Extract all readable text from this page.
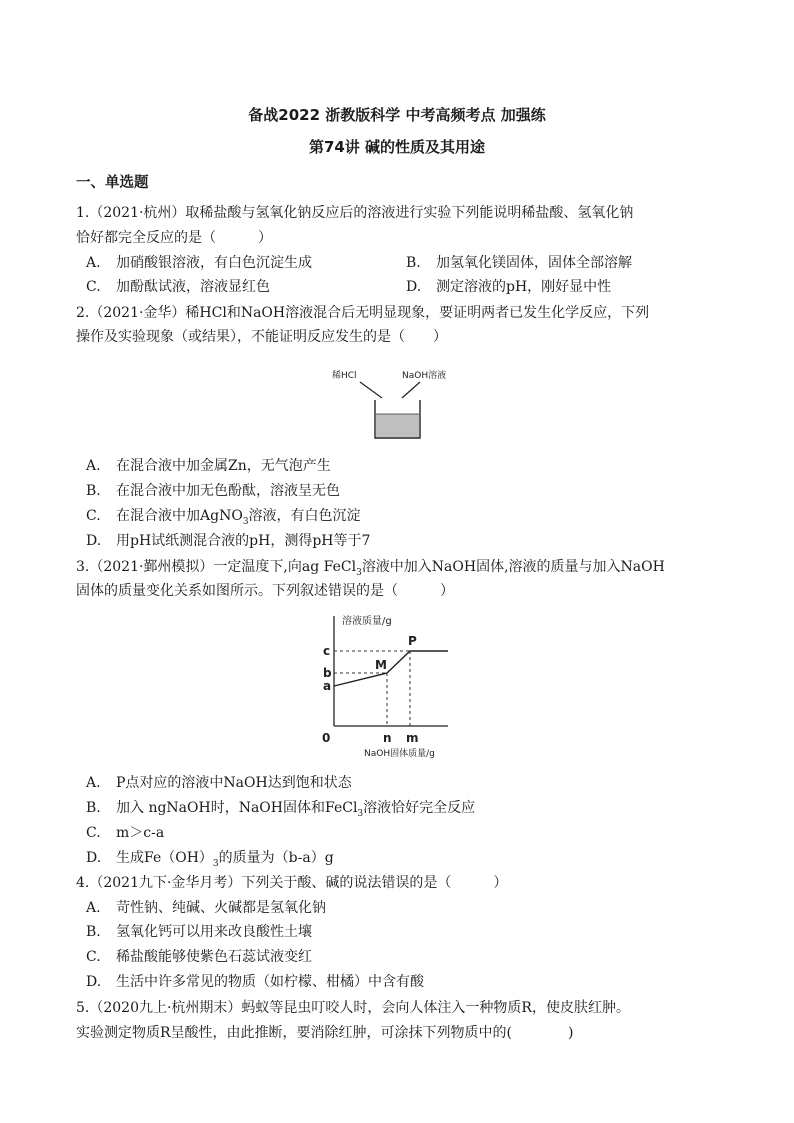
备战2022 浙教版科学 中考高频考点 加强练
第74讲 碱的性质及其用途
一、单选题
1.（2021·杭州）取稀盐酸与氢氧化钠反应后的溶液进行实验下列能说明稀盐酸、氢氧化钠
恰好都完全反应的是（　　　）
A. 加硝酸银溶液，有白色沉淀生成	B. 加氢氧化镁固体，固体全部溶解
C. 加酚酞试液，溶液显红色	D. 测定溶液的pH，刚好显中性
2.（2021·金华）稀HCl和NaOH溶液混合后无明显现象，要证明两者已发生化学反应，下列
操作及实验现象（或结果），不能证明反应发生的是（　　）
稀HCl	NaOH溶液
A. 在混合液中加金属Zn，无气泡产生
B. 在混合液中加无色酚酞，溶液呈无色
C. 在混合液中加AgNO$_3$溶液，有白色沉淀
D. 用pH试纸测混合液的pH，测得pH等于7
3.（2021·鄞州模拟）一定温度下,向ag FeCl$_3$溶液中加入NaOH固体,溶液的质量与加入NaOH
固体的质量变化关系如图所示。下列叙述错误的是（　　　）
溶液质量/g
NaOH固体质量/g
a
b
c
0	n m
M
P
A. P点对应的溶液中NaOH达到饱和状态
B. 加入 ngNaOH时，NaOH固体和FeCl$_3$溶液恰好完全反应
C. m＞c-a
D. 生成$Fe(OH)_3$的质量为（b-a）g
4.（2021九下·金华月考）下列关于酸、碱的说法错误的是（　　　）
A. 苛性钠、纯碱、火碱都是氢氧化钠
B. 氢氧化钙可以用来改良酸性土壤
C. 稀盐酸能够使紫色石蕊试液变红
D. 生活中许多常见的物质（如柠檬、柑橘）中含有酸
5.（2020九上·杭州期末）蚂蚁等昆虫叮咬人时，会向人体注入一种物质R，使皮肤红肿。
实验测定物质R呈酸性，由此推断，要消除红肿，可涂抹下列物质中的(　　　　)
